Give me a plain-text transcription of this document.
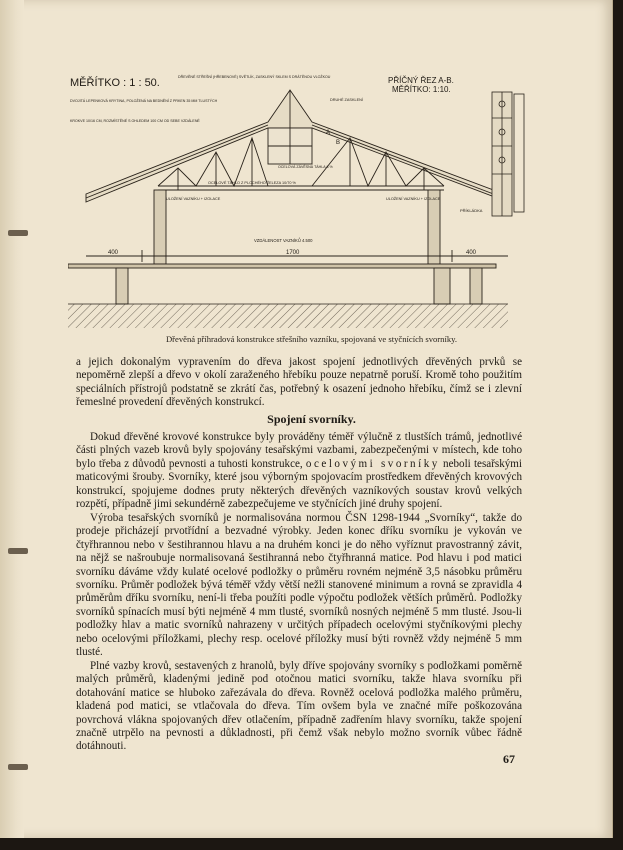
MĚŘÍTKO : 1 : 50.	PŘÍČNÝ ŘEZ A-B.
MĚŘÍTKO: 1:10.
DŘEVĚNÉ STŘEŠNÍ (HŘEBENOVÉ) SVĚTLÍK, ZASKLENÝ SKLEM S DRÁTĚNOU VLOŽKOU
DVOJITÁ LEPENKOVÁ KRYTINA, POLOŽENÁ NA BEDNĚNÍ Z PRKEN 35 MM TLUSTÝCH
KROKVE 10/16 CM, ROZMÍSTĚNÉ S OHLEDEM 100 CM OD SEBE VZDÁLENÉ
DRUHÉ ZASKLENÍ
OCELOVÉ TÁHLO Z PLOCHÉHO ŽELEZA 10/70 %
OCELOVÁ ZÁVĚSNÁ TÁHLA 8 %
ULOŽENÍ VAZNÍKU + IZOLACE	ULOŽENÍ VAZNÍKU + IZOLACE
PŘÍKLÁDKA
VZDÁLENOST VAZNÍKŮ 4.500
400	1700	400
A
B
Dřevěná příhradová konstrukce střešního vazníku, spojovaná ve styčnících svorníky.

a jejich dokonalým vypravením do dřeva jakost spojení jednotlivých dřevěných prvků se nepoměrně zlepší a dřevo v okolí zaraženého hřebíku pouze nepatrně poruší. Kromě toho použitím speciálních přístrojů podstatně se zkrátí čas, potřebný k osazení jednoho hřebíku, čímž se i zlevní řemeslné provedení dřevěných konstrukcí.

Spojení svorníky.

Dokud dřevěné krovové konstrukce byly prováděny téměř výlučně z tlustších trámů, jednotlivé části plných vazeb krovů byly spojovány tesařskými vazbami, zabezpečenými v místech, kde toho bylo třeba z důvodů pevnosti a tuhosti konstrukce, ocelovými svorníky neboli tesařskými maticovými šrouby. Svorníky, které jsou výborným spojovacím prostředkem dřevěných krovových konstrukcí, spojujeme dodnes pruty některých dřevěných vazníkových soustav krovů velkých rozpětí, případně jimi sekundérně zabezpečujeme ve styčnících jiné druhy spojení.

Výroba tesařských svorníků je normalisována normou ČSN 1298-1944 „Svorníky“, takže do prodeje přicházejí prvotřídní a bezvadné výrobky. Jeden konec dříku svorníku je vykován ve čtyřhrannou nebo v šestihrannou hlavu a na druhém konci je do něho vyříznut pravostranný závit, na nějž se našroubuje normalisovaná šestihranná nebo čtyřhranná matice. Pod hlavu i pod matici svorníku dáváme vždy kulaté ocelové podložky o průměru rovném nejméně 3,5 násobku průměru svorníku. Průměr podložek bývá téměř vždy větší nežli stanovené minimum a rovná se zpravidla 4 průměrům dříku svorníku, není-li třeba použíti podle výpočtu podložek větších průměrů. Podložky svorníků spínacích musí býti nejméně 4 mm tlusté, svorníků nosných nejméně 5 mm tlusté. Jsou-li podložky hlav a matic svorníků nahrazeny v určitých případech ocelovými styčníkovými plechy nebo ocelovými příložkami, plechy resp. ocelové příložky musí býti rovněž vždy nejméně 5 mm tlusté.

Plné vazby krovů, sestavených z hranolů, byly dříve spojovány svorníky s podložkami poměrně malých průměrů, kladenými jedině pod otočnou matici svorníku, takže hlava svorníku při dotahování matice se hluboko zařezávala do dřeva. Rovněž ocelová podložka malého průměru, kladená pod matici, se vtlačovala do dřeva. Tím ovšem byla ve značné míře poškozována povrchová vlákna spojovaných dřev otlačením, případně zadřením hlavy svorníku, takže spojení značně utrpělo na pevnosti a důkladnosti, při čemž však nebylo možno svorník vůbec řádně dotáhnouti.

67
